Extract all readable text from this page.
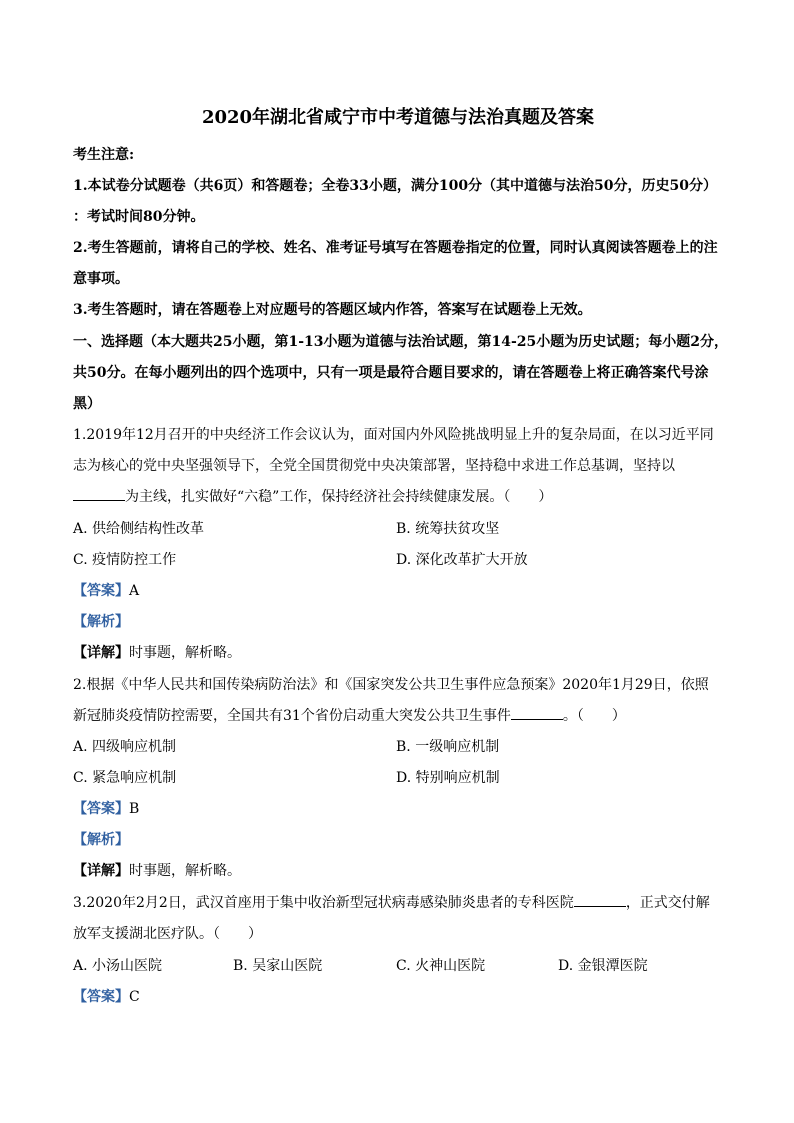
2020年湖北省咸宁市中考道德与法治真题及答案
考生注意:
1.本试卷分试题卷（共6页）和答题卷；全卷33小题，满分100分（其中道德与法治50分，历史50分）
：考试时间80分钟。
2.考生答题前，请将自己的学校、姓名、准考证号填写在答题卷指定的位置，同时认真阅读答题卷上的注
意事项。
3.考生答题时，请在答题卷上对应题号的答题区域内作答，答案写在试题卷上无效。
一、选择题（本大题共25小题，第1-13小题为道德与法治试题，第14-25小题为历史试题；每小题2分，
共50分。在每小题列出的四个选项中，只有一项是最符合题目要求的，请在答题卷上将正确答案代号涂
黑）
1.2019年12月召开的中央经济工作会议认为，面对国内外风险挑战明显上升的复杂局面，在以习近平同
志为核心的党中央坚强领导下，全党全国贯彻党中央决策部署，坚持稳中求进工作总基调，坚持以
为主线，扎实做好“六稳”工作，保持经济社会持续健康发展。（　　）
A. 供给侧结构性改革	B. 统筹扶贫攻坚
C. 疫情防控工作	D. 深化改革扩大开放
【答案】A
【解析】
【详解】时事题，解析略。
2.根据《中华人民共和国传染病防治法》和《国家突发公共卫生事件应急预案》2020年1月29日，依照
新冠肺炎疫情防控需要，全国共有31个省份启动重大突发公共卫生事件	。（　　）
A. 四级响应机制	B. 一级响应机制
C. 紧急响应机制	D. 特别响应机制
【答案】B
【解析】
【详解】时事题，解析略。
3.2020年2月2日，武汉首座用于集中收治新型冠状病毒感染肺炎患者的专科医院	，正式交付解
放军支援湖北医疗队。（　　）
A. 小汤山医院	B. 吴家山医院	C. 火神山医院	D. 金银潭医院
【答案】C
